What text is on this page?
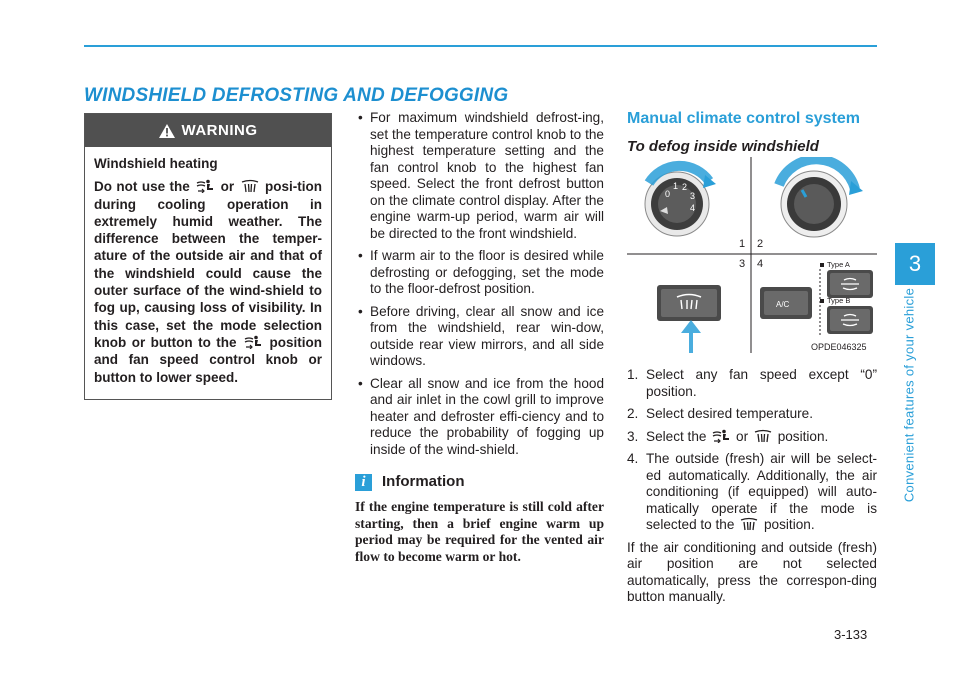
WINDSHIELD DEFROSTING AND DEFOGGING
3
Convenient features of your vehicle
3-133
WARNING
Windshield heating
Do not use the or posi-tion during cooling operation in extremely humid weather. The difference between the temper-ature of the outside air and that of the windshield could cause the outer surface of the wind-shield to fog up, causing loss of visibility. In this case, set the mode selection knob or button to the position and fan speed control knob or button to lower speed.
• For maximum windshield defrost-ing, set the temperature control knob to the highest temperature setting and the fan control knob to the highest fan speed. Select the front defrost button on the climate control display. After the engine warm-up period, warm air will be directed to the front windshield.
• If warm air to the floor is desired while defrosting or defogging, set the mode to the floor-defrost position.
• Before driving, clear all snow and ice from the windshield, rear win-dow, outside rear view mirrors, and all side windows.
• Clear all snow and ice from the hood and air inlet in the cowl grill to improve heater and defroster effi-ciency and to reduce the probability of fogging up inside of the wind-shield.
i	Information
If the engine temperature is still cold after starting, then a brief engine warm up period may be required for the vented air flow to become warm or hot.
Manual climate control system
To defog inside windshield
0
1 2
3
4
1 2
3 4
A/C
Type A
Type B
OPDE046325
1. Select any fan speed except “0” position.
2. Select desired temperature.
3. Select the or position.
4. The outside (fresh) air will be select-ed automatically. Additionally, the air conditioning (if equipped) will auto-matically operate if the mode is selected to the position.

If the air conditioning and outside (fresh) air position are not selected automatically, press the correspon-ding button manually.
